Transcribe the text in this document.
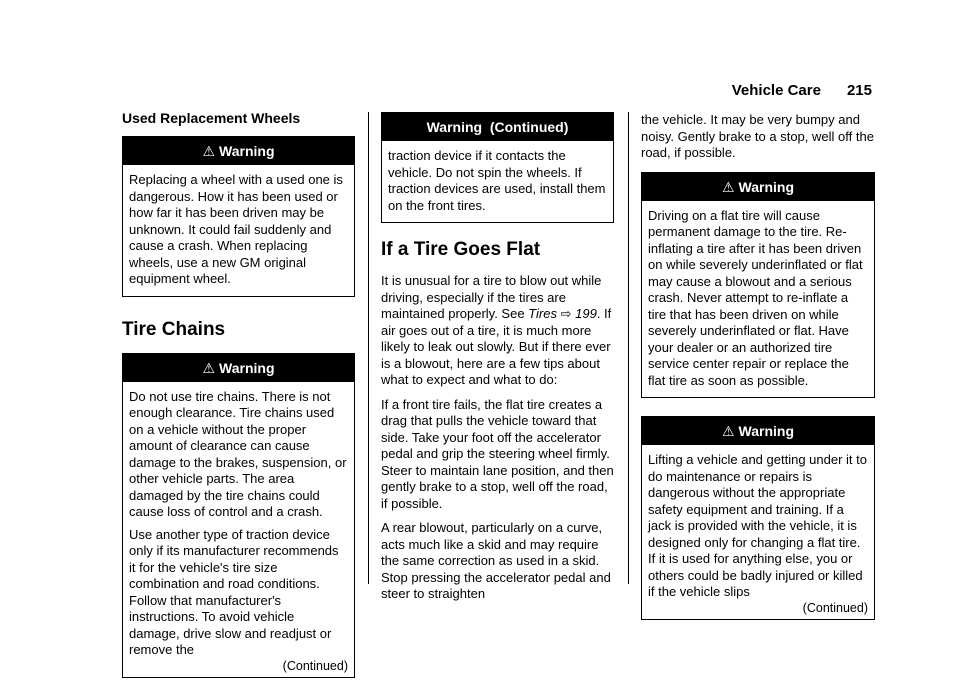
Vehicle Care 215
Used Replacement Wheels
⚠ Warning

Replacing a wheel with a used one is dangerous. How it has been used or how far it has been driven may be unknown. It could fail suddenly and cause a crash. When replacing wheels, use a new GM original equipment wheel.

Tire Chains
⚠ Warning

Do not use tire chains. There is not enough clearance. Tire chains used on a vehicle without the proper amount of clearance can cause damage to the brakes, suspension, or other vehicle parts. The area damaged by the tire chains could cause loss of control and a crash.

Use another type of traction device only if its manufacturer recommends it for the vehicle's tire size combination and road conditions. Follow that manufacturer's instructions. To avoid vehicle damage, drive slow and readjust or remove the

(Continued)
Warning  (Continued)

traction device if it contacts the vehicle. Do not spin the wheels. If traction devices are used, install them on the front tires.

If a Tire Goes Flat

It is unusual for a tire to blow out while driving, especially if the tires are maintained properly. See Tires ⇨ 199. If air goes out of a tire, it is much more likely to leak out slowly. But if there ever is a blowout, here are a few tips about what to expect and what to do:

If a front tire fails, the flat tire creates a drag that pulls the vehicle toward that side. Take your foot off the accelerator pedal and grip the steering wheel firmly. Steer to maintain lane position, and then gently brake to a stop, well off the road, if possible.

A rear blowout, particularly on a curve, acts much like a skid and may require the same correction as used in a skid. Stop pressing the accelerator pedal and steer to straighten

the vehicle. It may be very bumpy and noisy. Gently brake to a stop, well off the road, if possible.

⚠ Warning

Driving on a flat tire will cause permanent damage to the tire. Re-inflating a tire after it has been driven on while severely underinflated or flat may cause a blowout and a serious crash. Never attempt to re-inflate a tire that has been driven on while severely underinflated or flat. Have your dealer or an authorized tire service center repair or replace the flat tire as soon as possible.

⚠ Warning

Lifting a vehicle and getting under it to do maintenance or repairs is dangerous without the appropriate safety equipment and training. If a jack is provided with the vehicle, it is designed only for changing a flat tire. If it is used for anything else, you or others could be badly injured or killed if the vehicle slips

(Continued)
